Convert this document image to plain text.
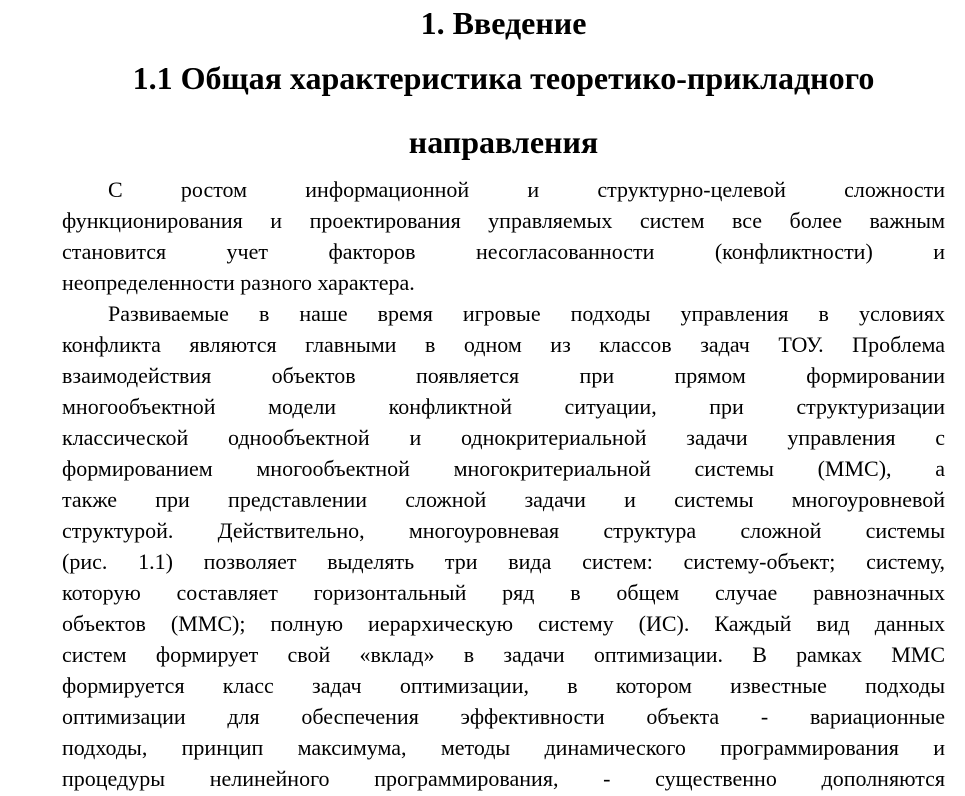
1. Введение
1.1 Общая характеристика теоретико-прикладного направления
С ростом информационной и структурно-целевой сложности
функционирования и проектирования управляемых систем все более важным
становится учет факторов несогласованности (конфликтности) и
неопределенности разного характера.
Развиваемые в наше время игровые подходы управления в условиях
конфликта являются главными в одном из классов задач ТОУ. Проблема
взаимодействия объектов появляется при прямом формировании
многообъектной модели конфликтной ситуации, при структуризации
классической однообъектной и однокритериальной задачи управления с
формированием многообъектной многокритериальной системы (ММС), а
также при представлении сложной задачи и системы многоуровневой
структурой. Действительно, многоуровневая структура сложной системы
(рис. 1.1) позволяет выделять три вида систем: систему-объект; систему,
которую составляет горизонтальный ряд в общем случае равнозначных
объектов (ММС); полную иерархическую систему (ИС). Каждый вид данных
систем формирует свой «вклад» в задачи оптимизации. В рамках ММС
формируется класс задач оптимизации, в котором известные подходы
оптимизации для обеспечения эффективности объекта - вариационные
подходы, принцип максимума, методы динамического программирования и
процедуры нелинейного программирования, - существенно дополняются
